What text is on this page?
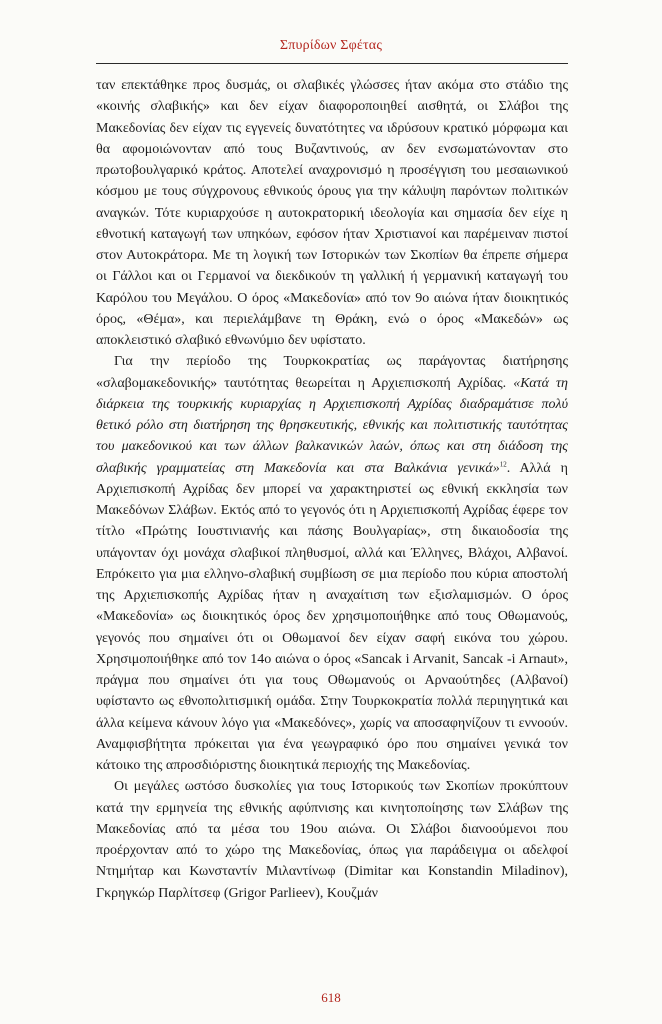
Σπυρίδων Σφέτας

ταν επεκτάθηκε προς δυσμάς, οι σλαβικές γλώσσες ήταν ακόμα στο στάδιο της «κοινής σλαβικής» και δεν είχαν διαφοροποιηθεί αισθητά, οι Σλάβοι της Μακεδονίας δεν είχαν τις εγγενείς δυνατότητες να ιδρύσουν κρατικό μόρφωμα και θα αφομοιώνονταν από τους Βυζαντινούς, αν δεν ενσωματώνονταν στο πρωτοβουλγαρικό κράτος. Αποτελεί αναχρονισμό η προσέγγιση του μεσαιωνικού κόσμου με τους σύγχρονους εθνικούς όρους για την κάλυψη παρόντων πολιτικών αναγκών. Τότε κυριαρχούσε η αυτοκρατορική ιδεολογία και σημασία δεν είχε η εθνοτική καταγωγή των υπηκόων, εφόσον ήταν Χριστιανοί και παρέμειναν πιστοί στον Αυτοκράτορα. Με τη λογική των Ιστορικών των Σκοπίων θα έπρεπε σήμερα οι Γάλλοι και οι Γερμανοί να διεκδικούν τη γαλλική ή γερμανική καταγωγή του Καρόλου του Μεγάλου. Ο όρος «Μακεδονία» από τον 9ο αιώνα ήταν διοικητικός όρος, «Θέμα», και περιελάμβανε τη Θράκη, ενώ ο όρος «Μακεδών» ως αποκλειστικό σλαβικό εθνωνύμιο δεν υφίστατο.

Για την περίοδο της Τουρκοκρατίας ως παράγοντας διατήρησης «σλαβομακεδονικής» ταυτότητας θεωρείται η Αρχιεπισκοπή Αχρίδας. «Κατά τη διάρκεια της τουρκικής κυριαρχίας η Αρχιεπισκοπή Αχρίδας διαδραμάτισε πολύ θετικό ρόλο στη διατήρηση της θρησκευτικής, εθνικής και πολιτιστικής ταυτότητας του μακεδονικού και των άλλων βαλκανικών λαών, όπως και στη διάδοση της σλαβικής γραμματείας στη Μακεδονία και στα Βαλκάνια γενικά»$^{12}$. Αλλά η Αρχιεπισκοπή Αχρίδας δεν μπορεί να χαρακτηριστεί ως εθνική εκκλησία των Μακεδόνων Σλάβων. Εκτός από το γεγονός ότι η Αρχιεπισκοπή Αχρίδας έφερε τον τίτλο «Πρώτης Ιουστινιανής και πάσης Βουλγαρίας», στη δικαιοδοσία της υπάγονταν όχι μονάχα σλαβικοί πληθυσμοί, αλλά και Έλληνες, Βλάχοι, Αλβανοί. Επρόκειτο για μια ελληνο-σλαβική συμβίωση σε μια περίοδο που κύρια αποστολή της Αρχιεπισκοπής Αχρίδας ήταν η αναχαίτιση των εξισλαμισμών. Ο όρος «Μακεδονία» ως διοικητικός όρος δεν χρησιμοποιήθηκε από τους Οθωμανούς, γεγονός που σημαίνει ότι οι Οθωμανοί δεν είχαν σαφή εικόνα του χώρου. Χρησιμοποιήθηκε από τον 14ο αιώνα ο όρος «Sancak i Arvanit, Sancak -i Arnaut», πράγμα που σημαίνει ότι για τους Οθωμανούς οι Αρναούτηδες (Αλβανοί) υφίσταντο ως εθνοπολιτισμική ομάδα. Στην Τουρκοκρατία πολλά περιηγητικά και άλλα κείμενα κάνουν λόγο για «Μακεδόνες», χωρίς να αποσαφηνίζουν τι εννοούν. Αναμφισβήτητα πρόκειται για ένα γεωγραφικό όρο που σημαίνει γενικά τον κάτοικο της απροσδιόριστης διοικητικά περιοχής της Μακεδονίας.

Οι μεγάλες ωστόσο δυσκολίες για τους Ιστορικούς των Σκοπίων προκύπτουν κατά την ερμηνεία της εθνικής αφύπνισης και κινητοποίησης των Σλάβων της Μακεδονίας από τα μέσα του 19ου αιώνα. Οι Σλάβοι διανοούμενοι που προέρχονταν από το χώρο της Μακεδονίας, όπως για παράδειγμα οι αδελφοί Ντημήταρ και Κωνσταντίν Μιλαντίνωφ (Dimitar και Konstandin Miladinov), Γκρηγκώρ Παρλίτσεφ (Grigor Parliеev), Κουζμάν

618
